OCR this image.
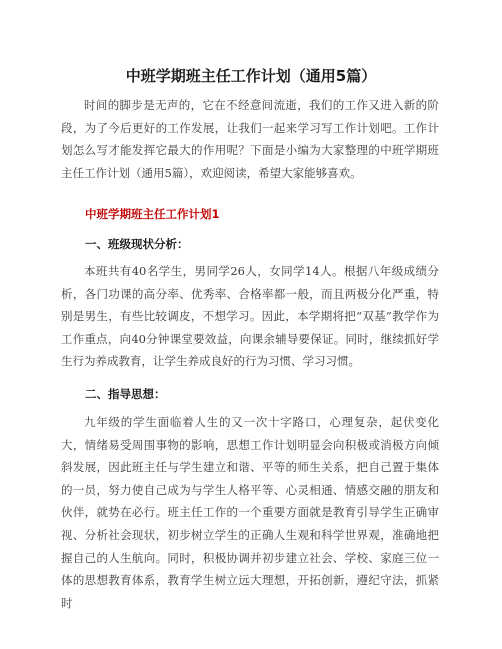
中班学期班主任工作计划（通用5篇）

时间的脚步是无声的，它在不经意间流逝，我们的工作又进入新的阶段，为了今后更好的工作发展，让我们一起来学习写工作计划吧。工作计划怎么写才能发挥它最大的作用呢？下面是小编为大家整理的中班学期班主任工作计划（通用5篇），欢迎阅读，希望大家能够喜欢。

中班学期班主任工作计划1
一、班级现状分析：

本班共有40名学生，男同学26人，女同学14人。根据八年级成绩分析，各门功课的高分率、优秀率、合格率都一般，而且两极分化严重，特别是男生，有些比较调皮，不想学习。因此，本学期将把“双基”教学作为工作重点，向40分钟课堂要效益，向课余辅导要保证。同时，继续抓好学生行为养成教育，让学生养成良好的行为习惯、学习习惯。

二、指导思想：

九年级的学生面临着人生的又一次十字路口，心理复杂，起伏变化大，情绪易受周围事物的影响，思想工作计划明显会向积极或消极方向倾斜发展，因此班主任与学生建立和谐、平等的师生关系，把自己置于集体的一员，努力使自己成为与学生人格平等、心灵相通、情感交融的朋友和伙伴，就势在必行。班主任工作的一个重要方面就是教育引导学生正确审视、分析社会现状，初步树立学生的正确人生观和科学世界观，准确地把握自己的人生航向。同时，积极协调并初步建立社会、学校、家庭三位一体的思想教育体系，教育学生树立远大理想，开拓创新，遵纪守法，抓紧时
